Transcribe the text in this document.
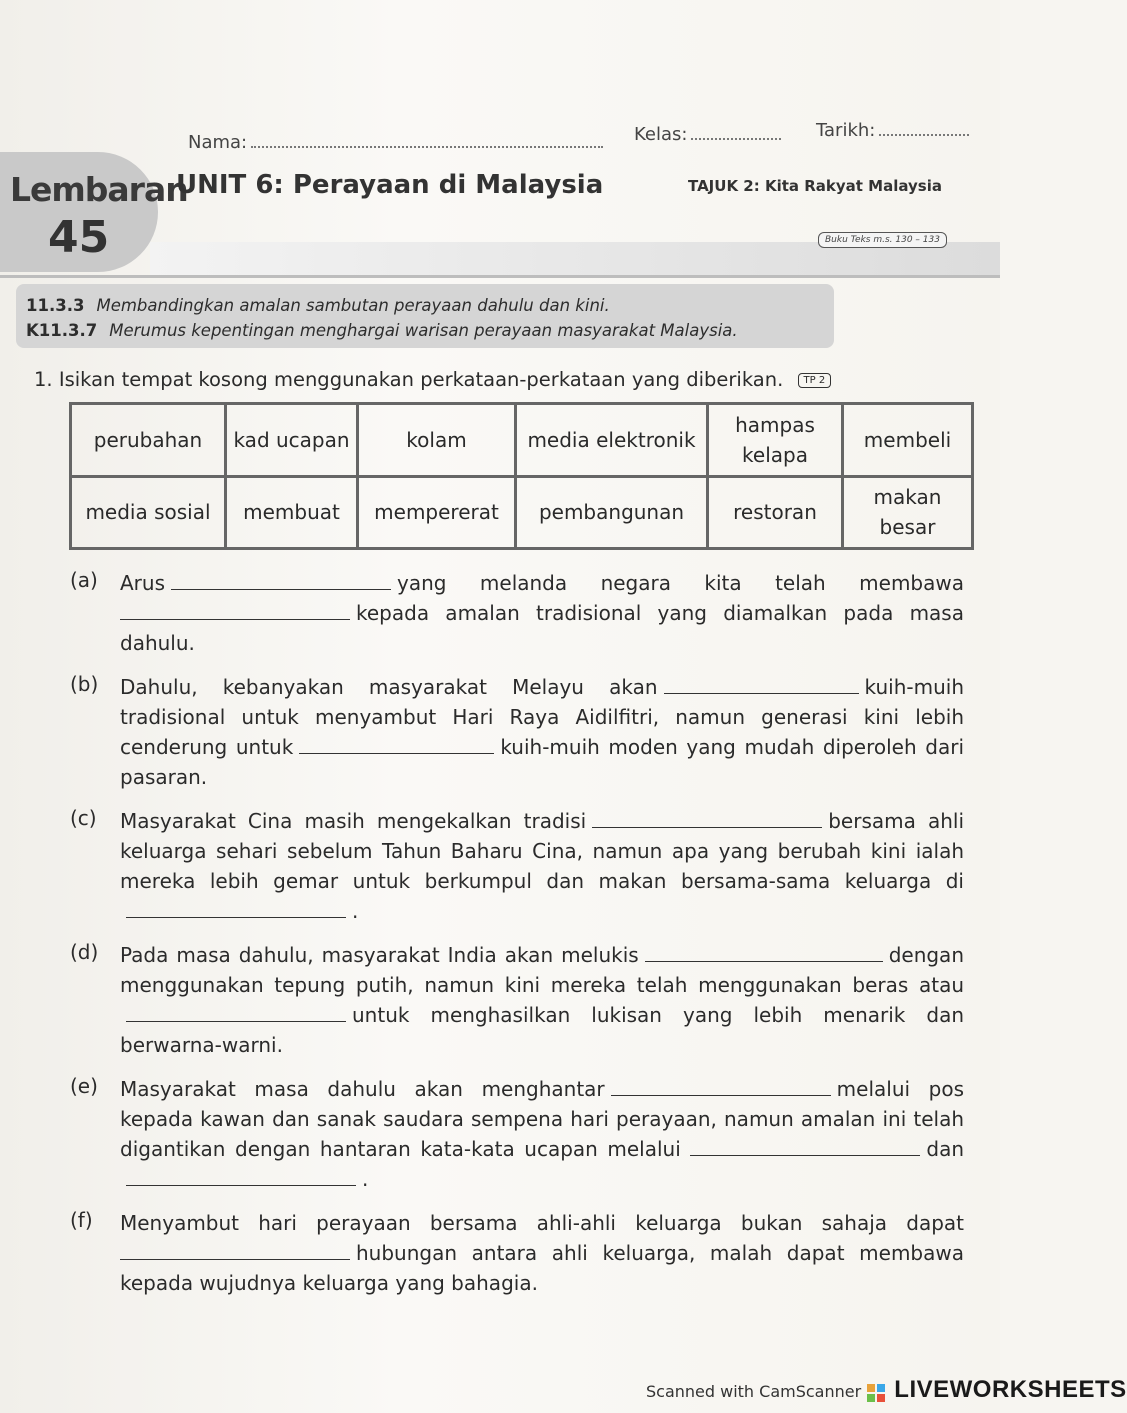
Nama:	Kelas:	Tarikh:
Lembaran
45
UNIT 6: Perayaan di Malaysia	TAJUK 2: Kita Rakyat Malaysia
Buku Teks m.s. 130 – 133
11.3.3 Membandingkan amalan sambutan perayaan dahulu dan kini.
K11.3.7 Merumus kepentingan menghargai warisan perayaan masyarakat Malaysia.
1. Isikan tempat kosong menggunakan perkataan-perkataan yang diberikan. TP 2
perubahan	kad ucapan	kolam	media elektronik	hampas kelapa	membeli
media sosial	membuat	mempererat	pembangunan	restoran	makan besar
(a)	Arus	yang melanda negara kita telah membawa kepada amalan tradisional yang diamalkan pada masa dahulu.
(b)	Dahulu, kebanyakan masyarakat Melayu akan	kuih-muih tradisional untuk menyambut Hari Raya Aidilfitri, namun generasi kini lebih cenderung untuk	kuih-muih moden yang mudah diperoleh dari pasaran.
(c)	Masyarakat Cina masih mengekalkan tradisi	bersama ahli keluarga sehari sebelum Tahun Baharu Cina, namun apa yang berubah kini ialah mereka lebih gemar untuk berkumpul dan makan bersama-sama keluarga di.
(d)	Pada masa dahulu, masyarakat India akan melukis	dengan menggunakan tepung putih, namun kini mereka telah menggunakan beras atauuntuk menghasilkan lukisan yang lebih menarik dan berwarna-warni.
(e)	Masyarakat masa dahulu akan menghantar	melalui pos kepada kawan dan sanak saudara sempena hari perayaan, namun amalan ini telah digantikan dengan hantaran kata-kata ucapan melalui	dan.
(f)	Menyambut hari perayaan bersama ahli-ahli keluarga bukan sahaja dapat hubungan antara ahli keluarga, malah dapat membawa kepada wujudnya keluarga yang bahagia.
Scanned with CamScanner LIVEWORKSHEETS
